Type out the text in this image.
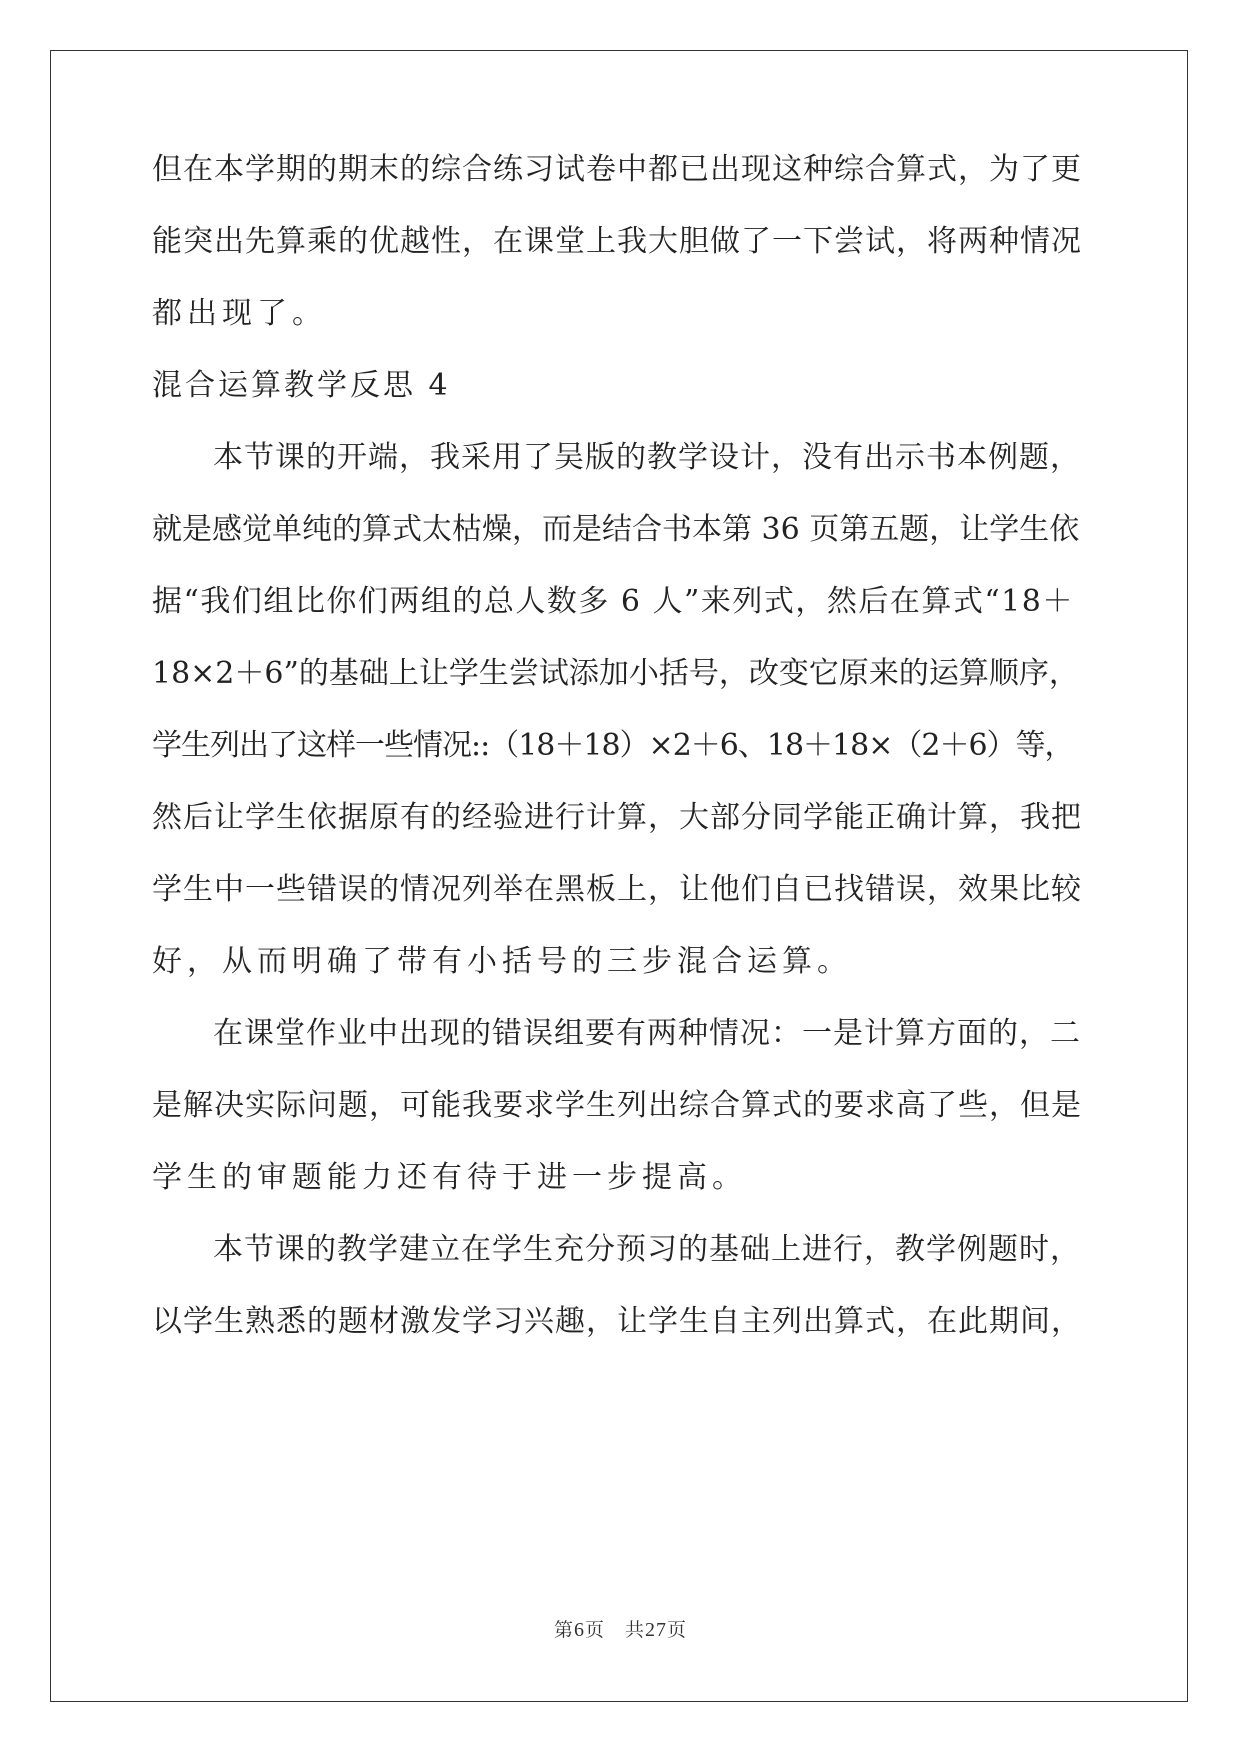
但在本学期的期末的综合练习试卷中都已出现这种综合算式，为了更
能突出先算乘的优越性，在课堂上我大胆做了一下尝试，将两种情况
都出现了。
混合运算教学反思 4
本节课的开端，我采用了吴版的教学设计，没有出示书本例题，
就是感觉单纯的算式太枯燥，而是结合书本第 36 页第五题，让学生依
据“我们组比你们两组的总人数多 6 人”来列式，然后在算式“18＋
18×2＋6”的基础上让学生尝试添加小括号，改变它原来的运算顺序，
学生列出了这样一些情况::（18＋18）×2＋6、18＋18×（2＋6）等，
然后让学生依据原有的经验进行计算，大部分同学能正确计算，我把
学生中一些错误的情况列举在黑板上，让他们自已找错误，效果比较
好，从而明确了带有小括号的三步混合运算。
在课堂作业中出现的错误组要有两种情况：一是计算方面的，二
是解决实际问题，可能我要求学生列出综合算式的要求高了些，但是
学生的审题能力还有待于进一步提高。
本节课的教学建立在学生充分预习的基础上进行，教学例题时，
以学生熟悉的题材激发学习兴趣，让学生自主列出算式，在此期间，
第6页　共27页
